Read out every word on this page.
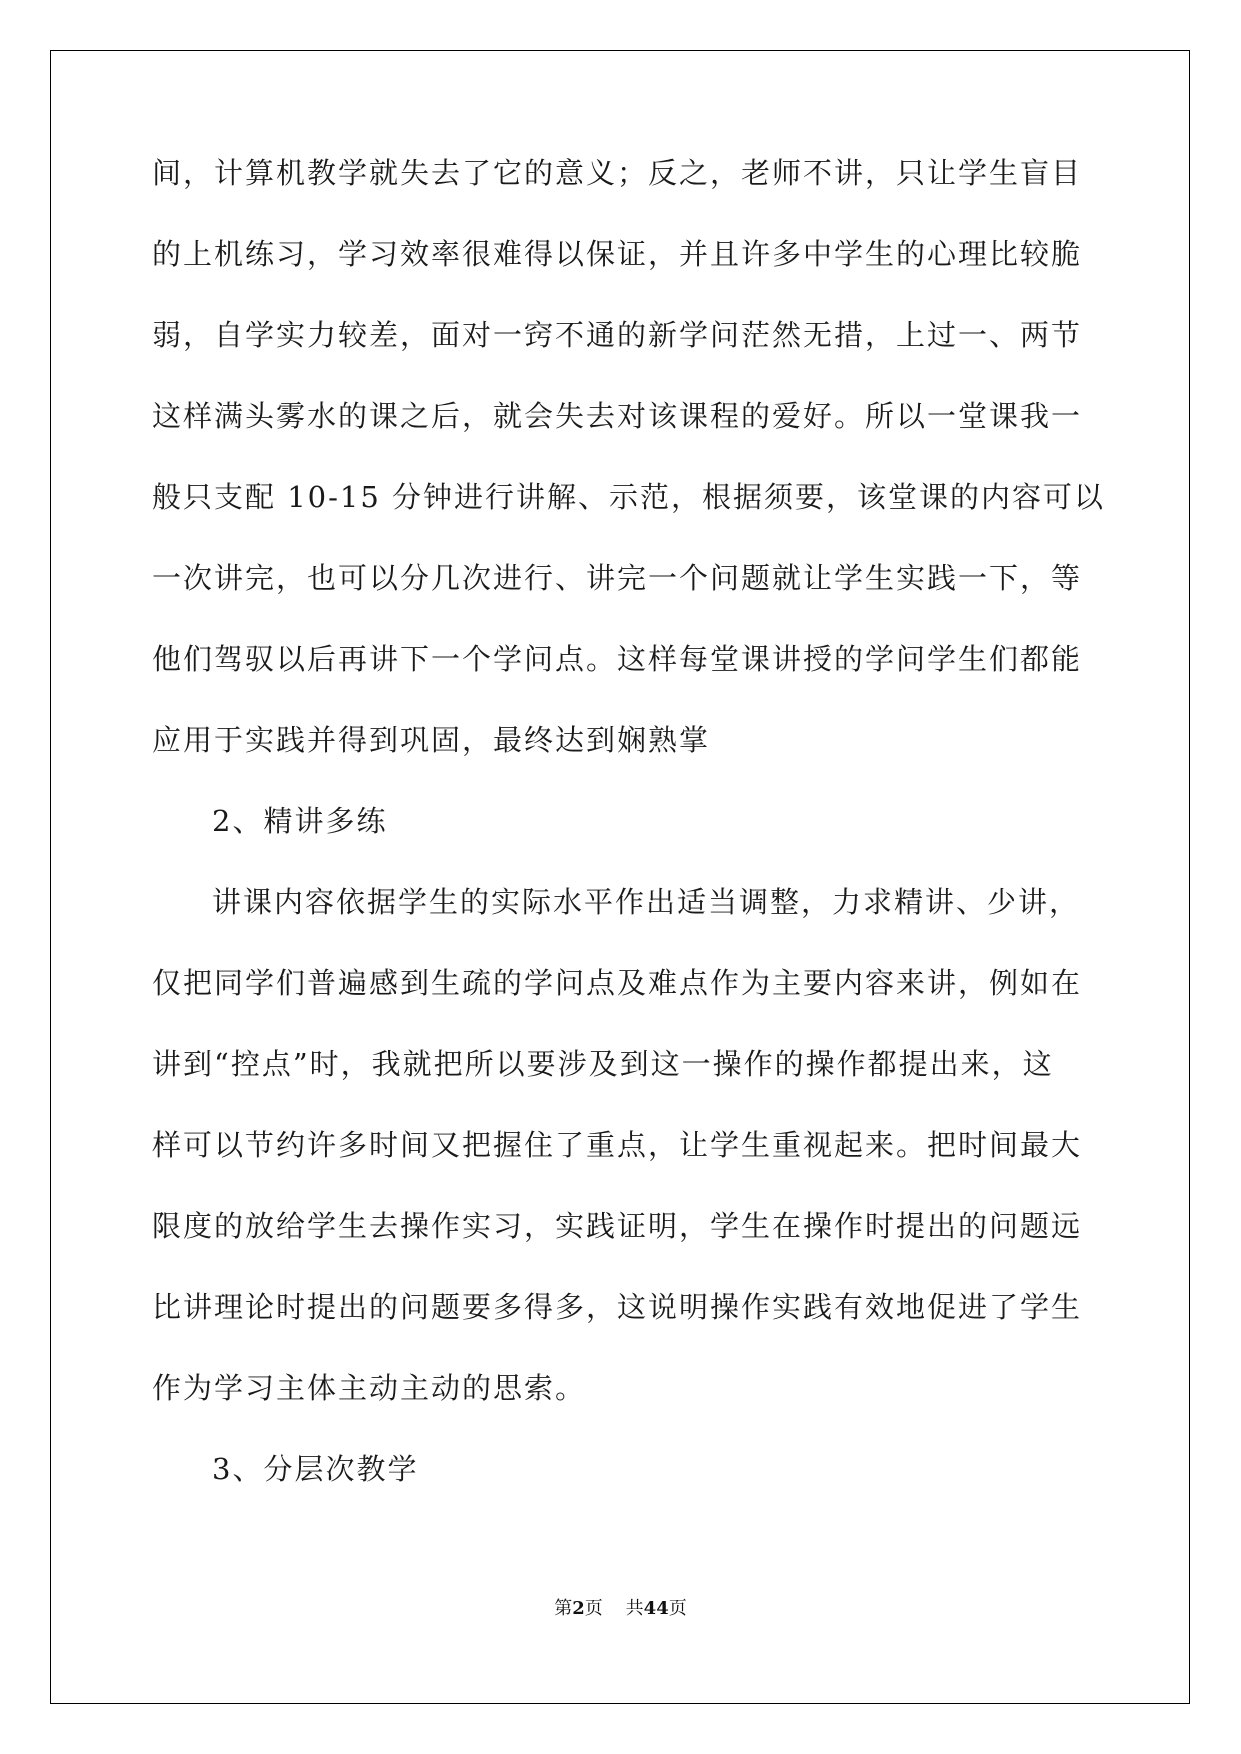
间，计算机教学就失去了它的意义；反之，老师不讲，只让学生盲目

的上机练习，学习效率很难得以保证，并且许多中学生的心理比较脆

弱，自学实力较差，面对一窍不通的新学问茫然无措，上过一、两节

这样满头雾水的课之后，就会失去对该课程的爱好。所以一堂课我一

般只支配 10-15 分钟进行讲解、示范，根据须要，该堂课的内容可以

一次讲完，也可以分几次进行、讲完一个问题就让学生实践一下，等

他们驾驭以后再讲下一个学问点。这样每堂课讲授的学问学生们都能

应用于实践并得到巩固，最终达到娴熟掌

2、精讲多练

讲课内容依据学生的实际水平作出适当调整，力求精讲、少讲，

仅把同学们普遍感到生疏的学问点及难点作为主要内容来讲，例如在

讲到“控点”时，我就把所以要涉及到这一操作的操作都提出来，这

样可以节约许多时间又把握住了重点，让学生重视起来。把时间最大

限度的放给学生去操作实习，实践证明，学生在操作时提出的问题远

比讲理论时提出的问题要多得多，这说明操作实践有效地促进了学生

作为学习主体主动主动的思索。

3、分层次教学

第2页 共44页
